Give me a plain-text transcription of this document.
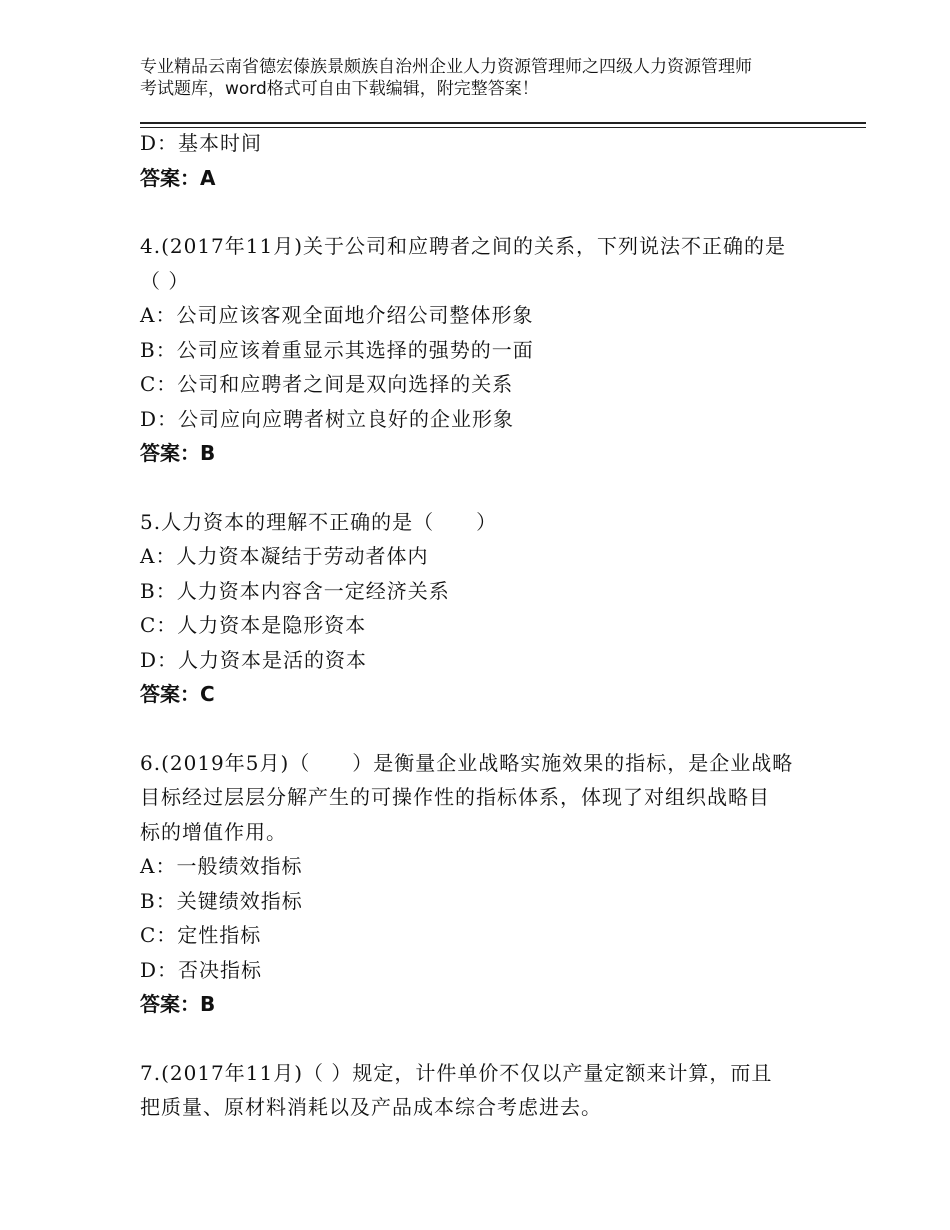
专业精品云南省德宏傣族景颇族自治州企业人力资源管理师之四级人力资源管理师
考试题库，word格式可自由下载编辑，附完整答案！
D：基本时间
答案：A
4.(2017年11月)关于公司和应聘者之间的关系，下列说法不正确的是
（ ）
A：公司应该客观全面地介绍公司整体形象
B：公司应该着重显示其选择的强势的一面
C：公司和应聘者之间是双向选择的关系
D：公司应向应聘者树立良好的企业形象
答案：B
5.人力资本的理解不正确的是（　　）
A：人力资本凝结于劳动者体内
B：人力资本内容含一定经济关系
C：人力资本是隐形资本
D：人力资本是活的资本
答案：C
6.(2019年5月)（　　）是衡量企业战略实施效果的指标，是企业战略
目标经过层层分解产生的可操作性的指标体系，体现了对组织战略目
标的增值作用。
A：一般绩效指标
B：关键绩效指标
C：定性指标
D：否决指标
答案：B
7.(2017年11月)（ ）规定，计件单价不仅以产量定额来计算，而且
把质量、原材料消耗以及产品成本综合考虑进去。
